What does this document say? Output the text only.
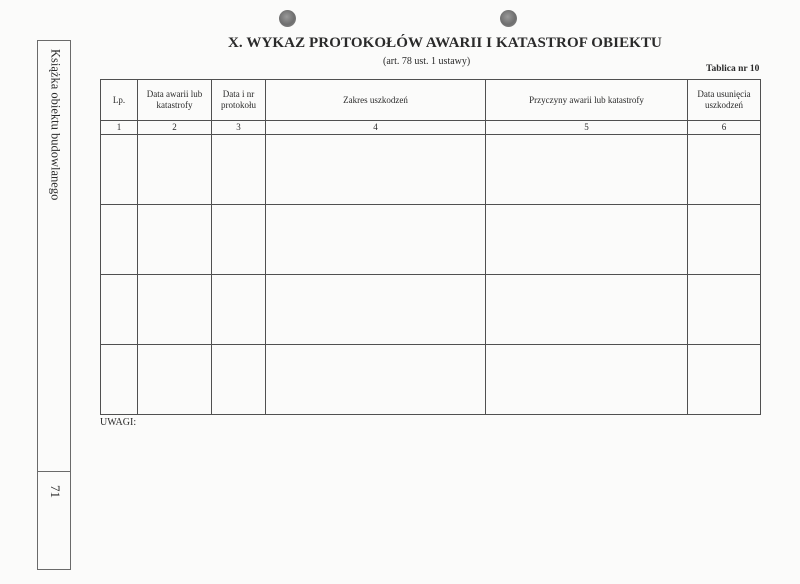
Książka obiektu budowlanego
71
X. WYKAZ PROTOKOŁÓW AWARII I KATASTROF OBIEKTU
(art. 78 ust. 1 ustawy)
Tablica nr 10
Lp.	Data awarii lub katastrofy	Data i nr protokołu	Zakres uszkodzeń	Przyczyny awarii lub katastrofy	Data usunięcia uszkodzeń
1	2	3	4	5	6

UWAGI:
